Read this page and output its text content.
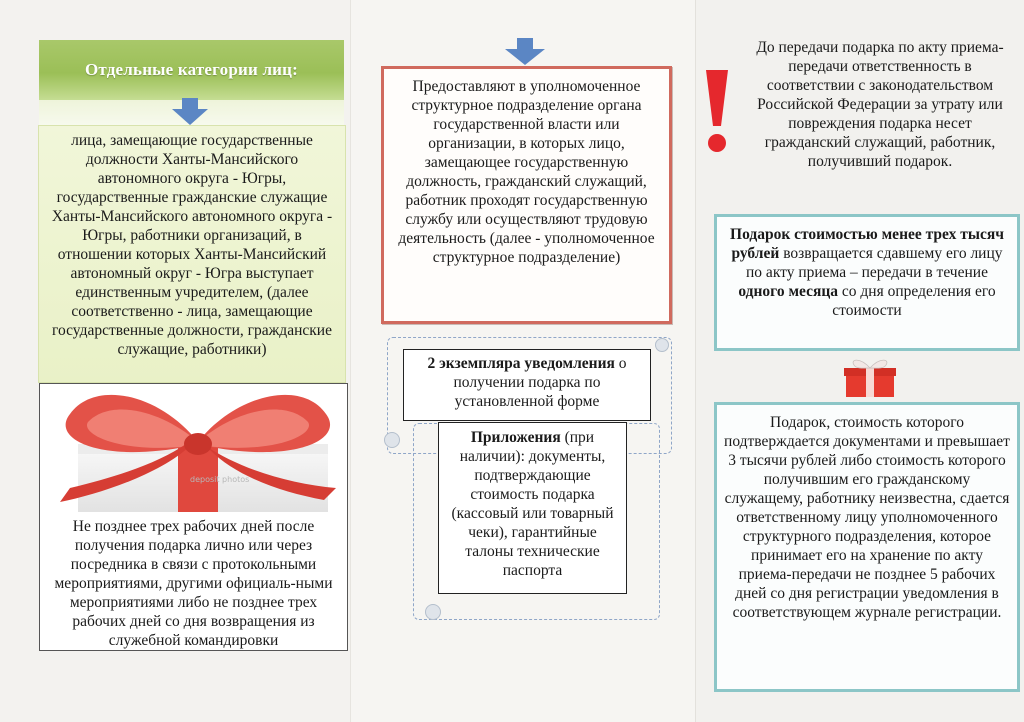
Отдельные категории лиц:
лица, замещающие государственные должности Ханты-Мансийского автономного округа - Югры, государственные гражданские служащие Ханты-Мансийского автономного округа - Югры, работники организаций, в отношении которых Ханты-Мансийский автономный округ - Югра выступает единственным учредителем, (далее соответственно - лица, замещающие государственные должности, гражданские служащие, работники)
deposit photos
Не позднее трех рабочих дней после получения подарка лично или через посредника в связи с протокольными мероприятиями, другими официаль-ными мероприятиями либо не позднее трех рабочих дней со дня возвращения из служебной командировки
Предоставляют в уполномоченное структурное подразделение органа государственной власти или организации, в которых лицо, замещающее государственную должность, гражданский служащий, работник проходят государственную службу или осуществляют трудовую деятельность (далее - уполномоченное структурное подразделение)
2 экземпляра уведомления о получении подарка по установленной форме
Приложения (при наличии): документы, подтверждающие стоимость подарка (кассовый или товарный чеки), гарантийные талоны технические паспорта
До передачи подарка по акту приема-передачи ответственность в соответствии с законодательством Российской Федерации за утрату или повреждения подарка несет гражданский служащий, работник, получивший подарок.
Подарок стоимостью менее трех тысяч рублей возвращается сдавшему его лицу по акту приема – передачи в течение одного месяца со дня определения его стоимости
Подарок, стоимость которого подтверждается документами и превышает 3 тысячи рублей либо стоимость которого получившим его гражданскому служащему, работнику неизвестна, сдается ответственному лицу уполномоченного структурного подразделения, которое принимает его на хранение по акту приема-передачи не позднее 5 рабочих дней со дня регистрации уведомления в соответствующем журнале регистрации.
